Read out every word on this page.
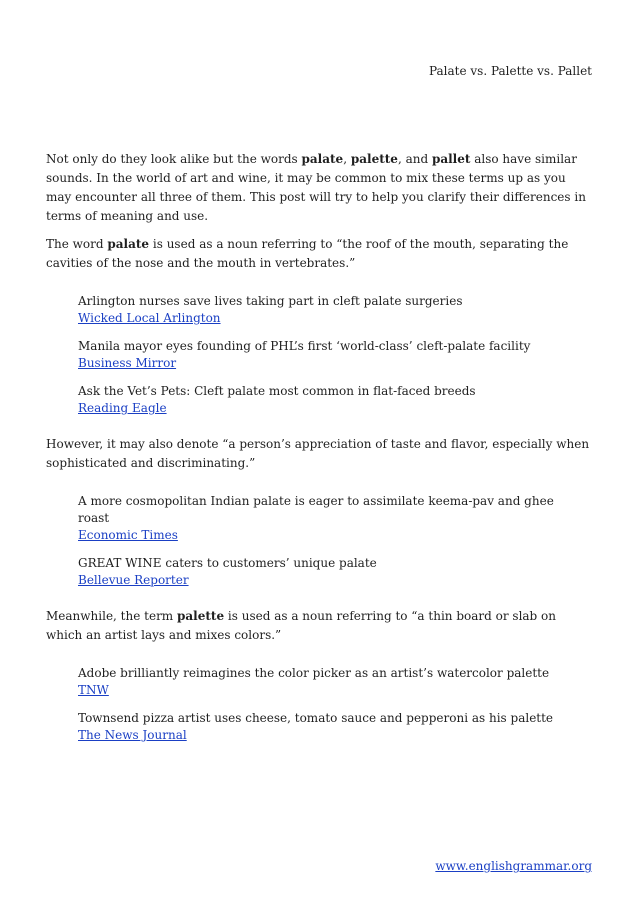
Palate vs. Palette vs. Pallet

Not only do they look alike but the words palate, palette, and pallet also have similar sounds. In the world of art and wine, it may be common to mix these terms up as you may encounter all three of them. This post will try to help you clarify their differences in terms of meaning and use.

The word palate is used as a noun referring to “the roof of the mouth, separating the cavities of the nose and the mouth in vertebrates.”

Arlington nurses save lives taking part in cleft palate surgeries
Wicked Local Arlington
Manila mayor eyes founding of PHL’s first ‘world-class’ cleft-palate facility
Business Mirror
Ask the Vet’s Pets: Cleft palate most common in flat-faced breeds
Reading Eagle

However, it may also denote “a person’s appreciation of taste and flavor, especially when sophisticated and discriminating.”

A more cosmopolitan Indian palate is eager to assimilate keema-pav and ghee roast
Economic Times
GREAT WINE caters to customers’ unique palate
Bellevue Reporter

Meanwhile, the term palette is used as a noun referring to “a thin board or slab on which an artist lays and mixes colors.”

Adobe brilliantly reimagines the color picker as an artist’s watercolor palette
TNW
Townsend pizza artist uses cheese, tomato sauce and pepperoni as his palette
The News Journal
www.englishgrammar.org
